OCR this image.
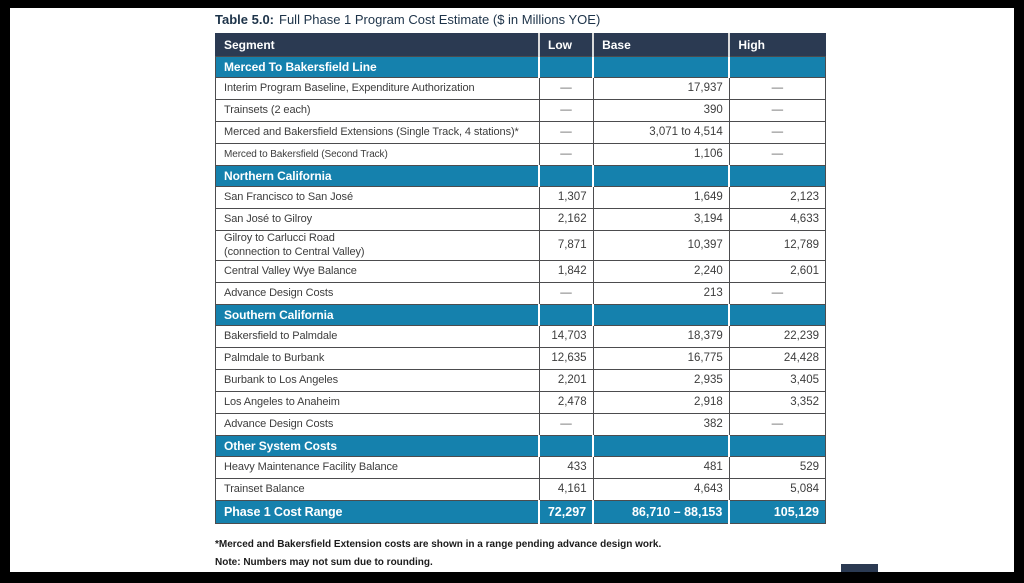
Table 5.0: Full Phase 1 Program Cost Estimate ($ in Millions YOE)
Segment	Low	Base	High
Merced To Bakersfield Line			
Interim Program Baseline, Expenditure Authorization	—	17,937	—
Trainsets (2 each)	—	390	—
Merced and Bakersfield Extensions (Single Track, 4 stations)*	—	3,071 to 4,514	—
Merced to Bakersfield (Second Track)	—	1,106	—
Northern California			
San Francisco to San José	1,307	1,649	2,123
San José to Gilroy	2,162	3,194	4,633
Gilroy to Carlucci Road
(connection to Central Valley)	7,871	10,397	12,789
Central Valley Wye Balance	1,842	2,240	2,601
Advance Design Costs	—	213	—
Southern California			
Bakersfield to Palmdale	14,703	18,379	22,239
Palmdale to Burbank	12,635	16,775	24,428
Burbank to Los Angeles	2,201	2,935	3,405
Los Angeles to Anaheim	2,478	2,918	3,352
Advance Design Costs	—	382	—
Other System Costs			
Heavy Maintenance Facility Balance	433	481	529
Trainset Balance	4,161	4,643	5,084
Phase 1 Cost Range	72,297	86,710 – 88,153	105,129
*Merced and Bakersfield Extension costs are shown in a range pending advance design work.
Note: Numbers may not sum due to rounding.
